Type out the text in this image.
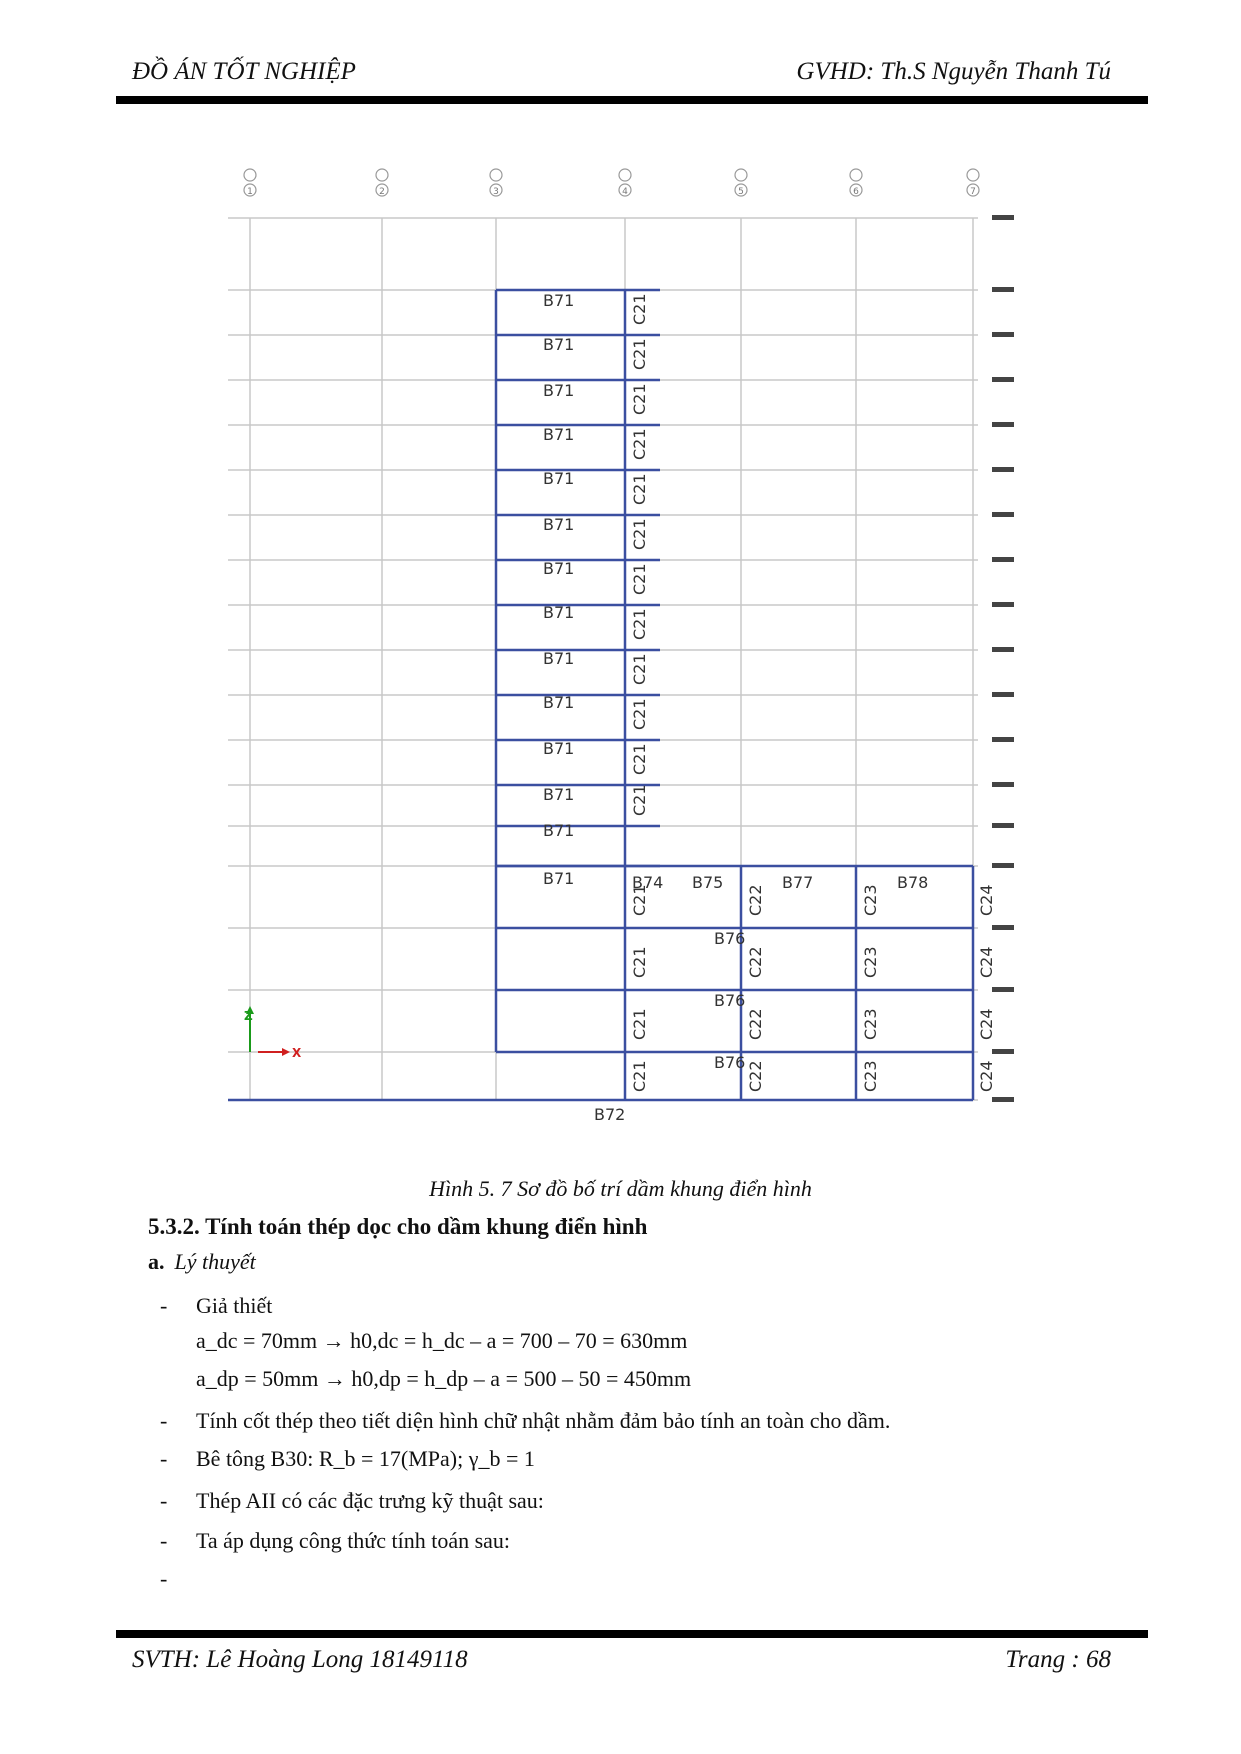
ĐỒ ÁN TỐT NGHIỆP	GVHD: Th.S Nguyễn Thanh Tú
1	2	3	4	5	6	7
B71
B71
B71
B71
B71
B71
B71
B71
B71
B71
B71
B71
B71
B71
C21
C21
C21
C21
C21
C21
C21
C21
C21
C21
C21
C21
B74 B75	B77	B78
B76
B76
B76
B72
C21	C22	C23	C24
C21	C22	C23	C24
C21	C22	C23	C24
C21	C22	C23	C24
Z
X
Hình 5. 7 Sơ đồ bố trí dầm khung điển hình
5.3.2. Tính toán thép dọc cho dầm khung điển hình
a. Lý thuyết
- Giả thiết
a_dc = 70mm → h0,dc = h_dc – a = 700 – 70 = 630mm
a_dp = 50mm → h0,dp = h_dp – a = 500 – 50 = 450mm
- Tính cốt thép theo tiết diện hình chữ nhật nhằm đảm bảo tính an toàn cho dầm.
- Bê tông B30: R_b = 17(MPa); γ_b = 1
- Thép AII có các đặc trưng kỹ thuật sau:
- Ta áp dụng công thức tính toán sau:
-
SVTH: Lê Hoàng Long 18149118	Trang : 68
